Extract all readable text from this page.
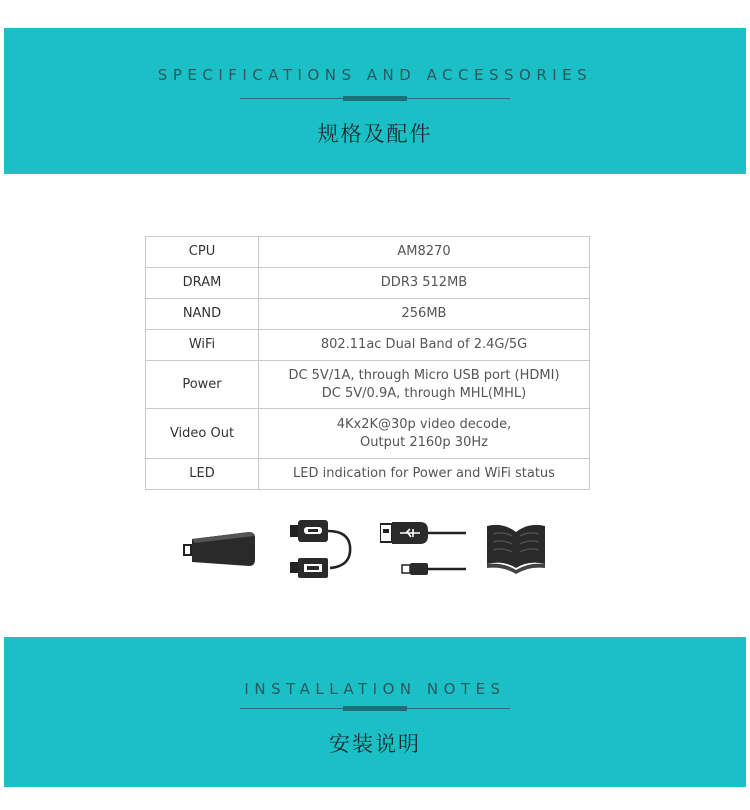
SPECIFICATIONS AND ACCESSORIES
规格及配件
CPU	AM8270
DRAM	DDR3 512MB
NAND	256MB
WiFi	802.11ac Dual Band of 2.4G/5G
Power	DC 5V/1A, through Micro USB port (HDMI)
DC 5V/0.9A, through MHL(MHL)

Video Out	4Kx2K@30p video decode,
Output 2160p 30Hz

LED	LED indication for Power and WiFi status
INSTALLATION NOTES
安装说明
